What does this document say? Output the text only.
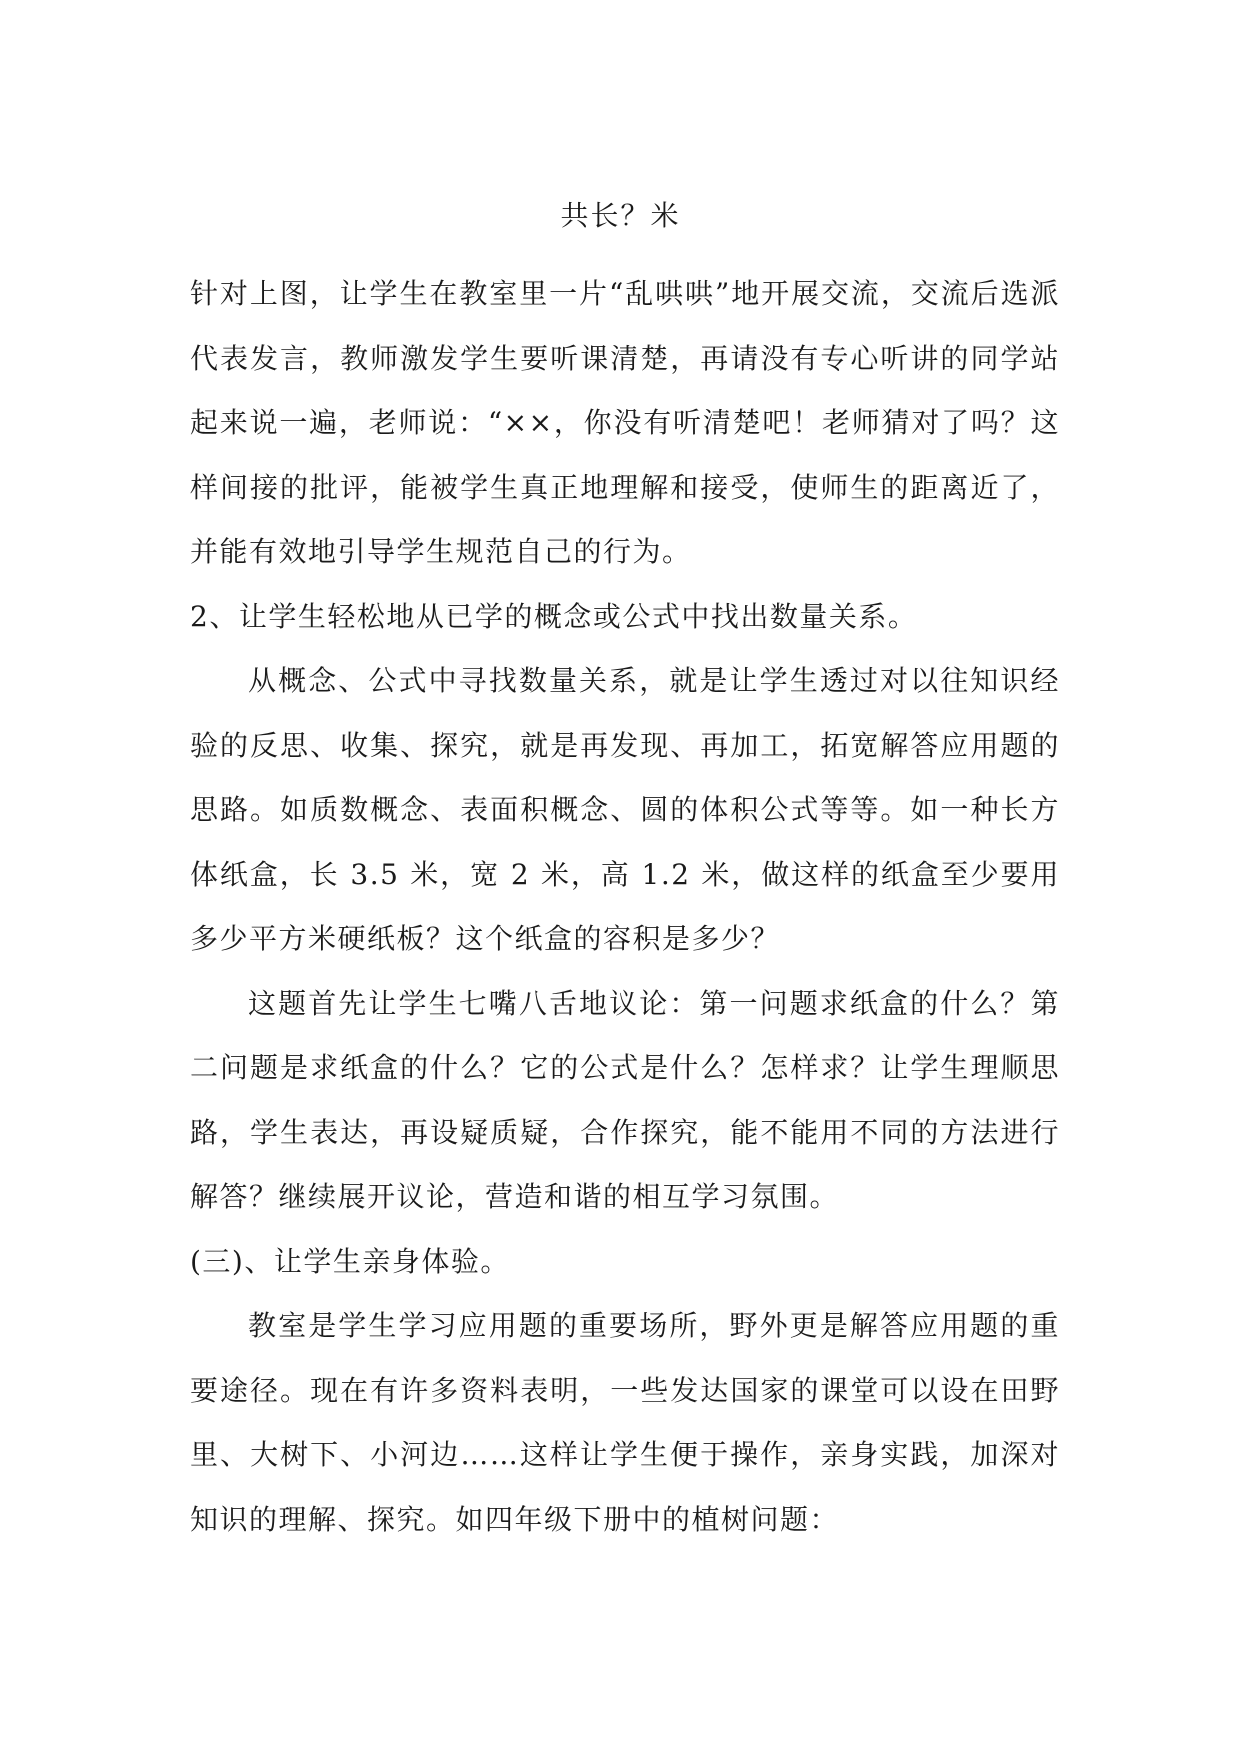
共长？米

针对上图，让学生在教室里一片“乱哄哄”地开展交流，交流后选派代表发言，教师激发学生要听课清楚，再请没有专心听讲的同学站起来说一遍，老师说：“××，你没有听清楚吧！老师猜对了吗？这样间接的批评，能被学生真正地理解和接受，使师生的距离近了，并能有效地引导学生规范自己的行为。

2、让学生轻松地从已学的概念或公式中找出数量关系。

从概念、公式中寻找数量关系，就是让学生透过对以往知识经验的反思、收集、探究，就是再发现、再加工，拓宽解答应用题的思路。如质数概念、表面积概念、圆的体积公式等等。如一种长方体纸盒，长 3.5 米，宽 2 米，高 1.2 米，做这样的纸盒至少要用多少平方米硬纸板？这个纸盒的容积是多少？

这题首先让学生七嘴八舌地议论：第一问题求纸盒的什么？第二问题是求纸盒的什么？它的公式是什么？怎样求？让学生理顺思路，学生表达，再设疑质疑，合作探究，能不能用不同的方法进行解答？继续展开议论，营造和谐的相互学习氛围。

(三)、让学生亲身体验。

教室是学生学习应用题的重要场所，野外更是解答应用题的重要途径。现在有许多资料表明，一些发达国家的课堂可以设在田野里、大树下、小河边……这样让学生便于操作，亲身实践，加深对知识的理解、探究。如四年级下册中的植树问题：
